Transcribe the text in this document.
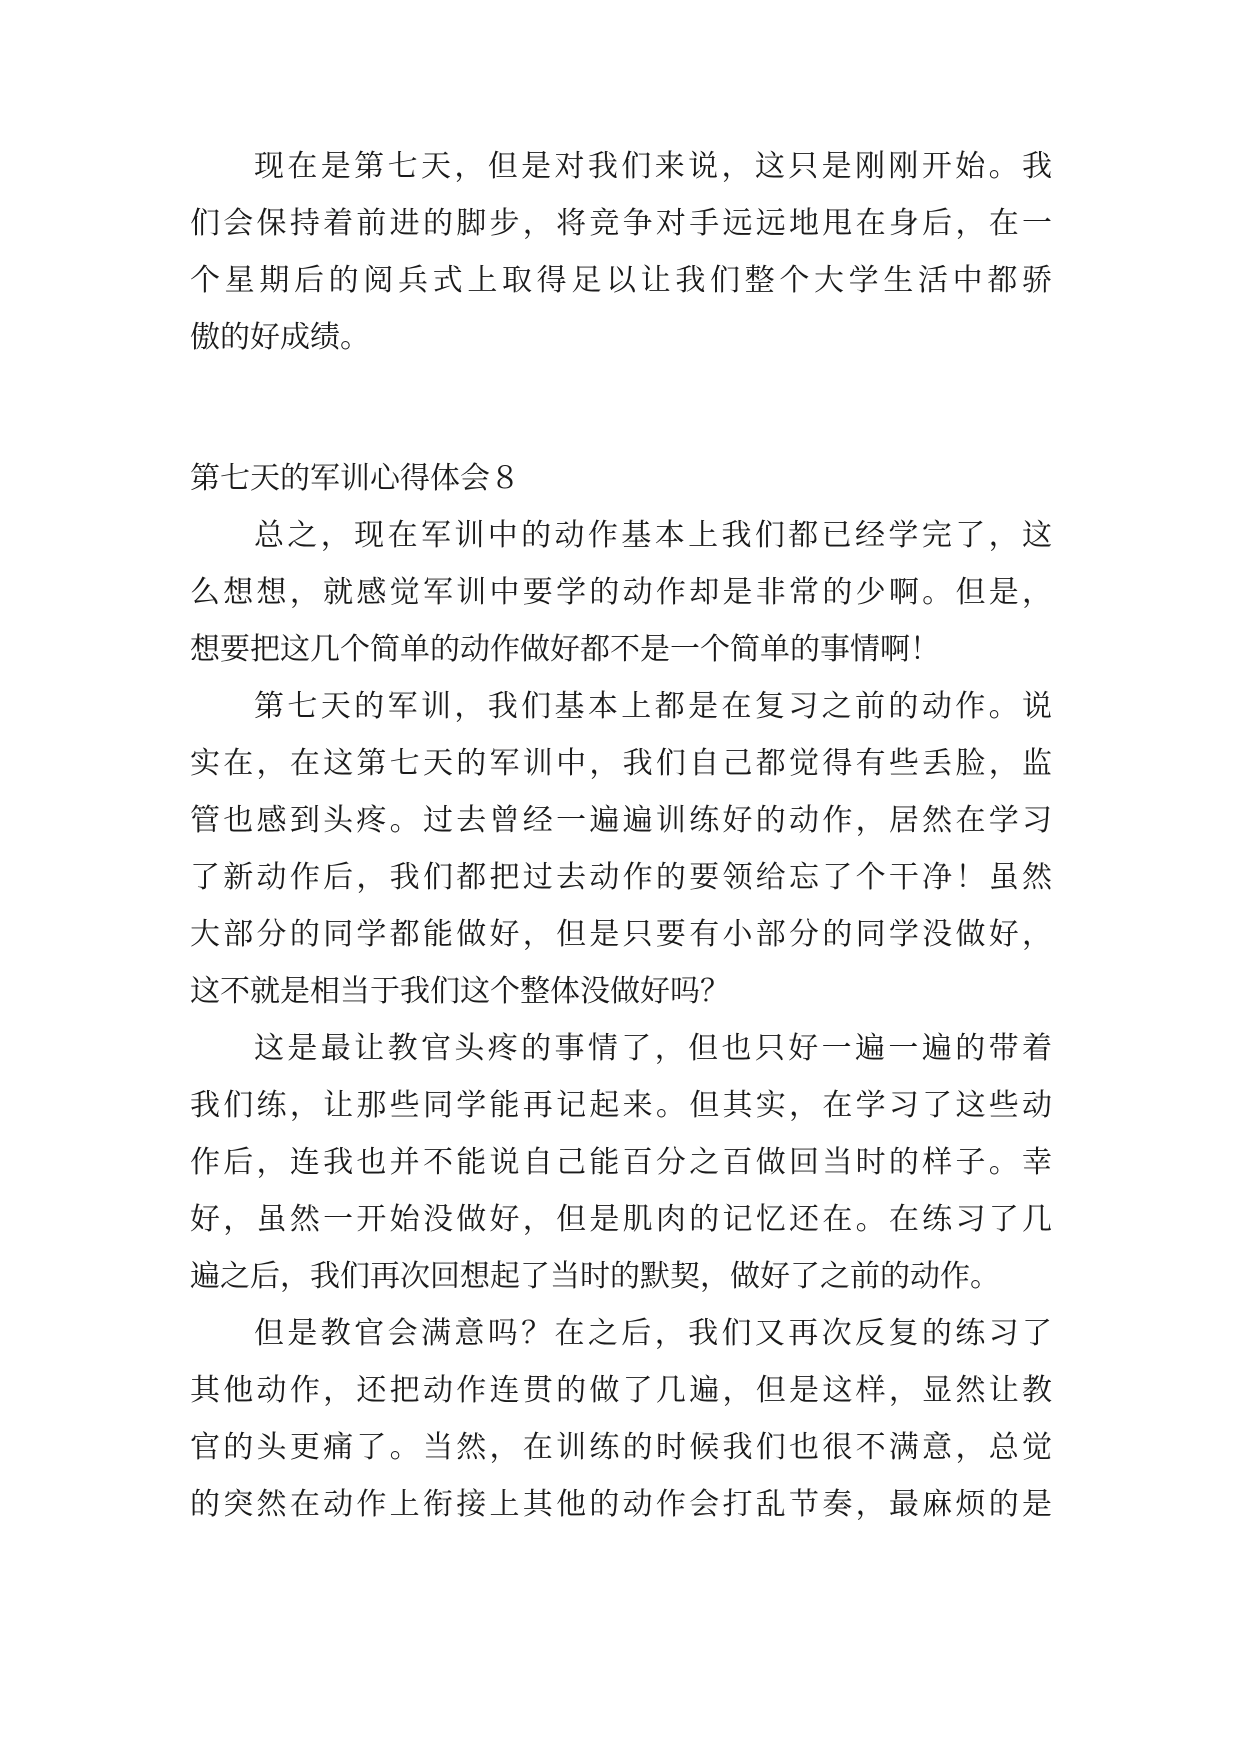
现在是第七天，但是对我们来说，这只是刚刚开始。我
们会保持着前进的脚步，将竞争对手远远地甩在身后，在一
个星期后的阅兵式上取得足以让我们整个大学生活中都骄
傲的好成绩。
第七天的军训心得体会８
总之，现在军训中的动作基本上我们都已经学完了，这
么想想，就感觉军训中要学的动作却是非常的少啊。但是，
想要把这几个简单的动作做好都不是一个简单的事情啊！
第七天的军训，我们基本上都是在复习之前的动作。说
实在，在这第七天的军训中，我们自己都觉得有些丢脸，监
管也感到头疼。过去曾经一遍遍训练好的动作，居然在学习
了新动作后，我们都把过去动作的要领给忘了个干净！虽然
大部分的同学都能做好，但是只要有小部分的同学没做好，
这不就是相当于我们这个整体没做好吗？
这是最让教官头疼的事情了，但也只好一遍一遍的带着
我们练，让那些同学能再记起来。但其实，在学习了这些动
作后，连我也并不能说自己能百分之百做回当时的样子。幸
好，虽然一开始没做好，但是肌肉的记忆还在。在练习了几
遍之后，我们再次回想起了当时的默契，做好了之前的动作。
但是教官会满意吗？在之后，我们又再次反复的练习了
其他动作，还把动作连贯的做了几遍，但是这样，显然让教
官的头更痛了。当然，在训练的时候我们也很不满意，总觉
的突然在动作上衔接上其他的动作会打乱节奏，最麻烦的是
